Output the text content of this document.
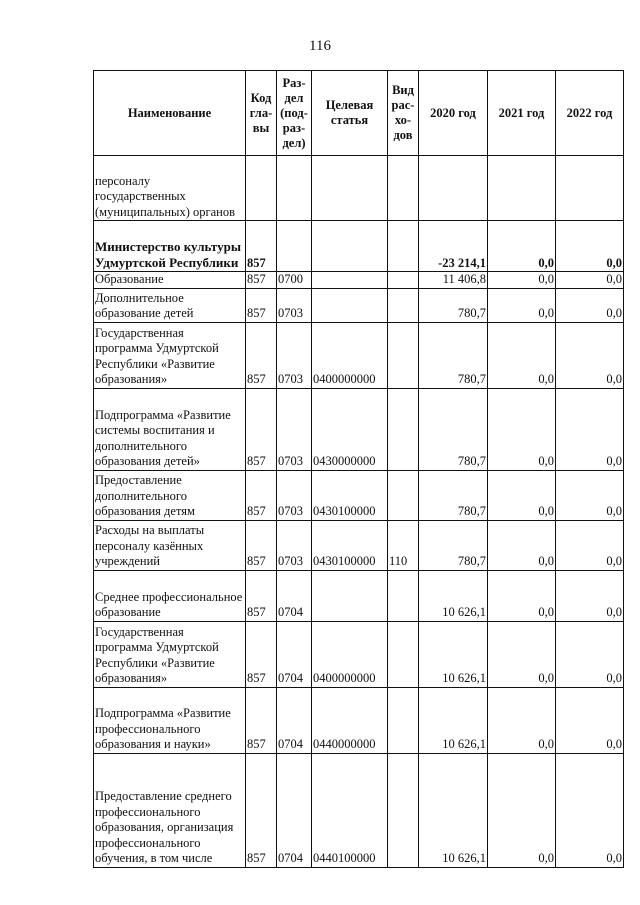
116
Наименование	Код гла-вы	Раз-дел (под-раз-дел)	Целевая статья	Вид рас-хо-дов	2020 год	2021 год	2022 год
персоналу государственных (муниципальных) органов							
Министерство культуры Удмуртской Республики	857				-23 214,1	0,0	0,0
Образование	857	0700			11 406,8	0,0	0,0
Дополнительное образование детей	857	0703			780,7	0,0	0,0
Государственная программа Удмуртской Республики «Развитие образования»	857	0703	0400000000		780,7	0,0	0,0
Подпрограмма «Развитие системы воспитания и дополнительного образования детей»	857	0703	0430000000		780,7	0,0	0,0
Предоставление дополнительного образования детям	857	0703	0430100000		780,7	0,0	0,0
Расходы на выплаты персоналу казённых учреждений	857	0703	0430100000	110	780,7	0,0	0,0
Среднее профессиональное образование	857	0704			10 626,1	0,0	0,0
Государственная программа Удмуртской Республики «Развитие образования»	857	0704	0400000000		10 626,1	0,0	0,0
Подпрограмма «Развитие профессионального образования и науки»	857	0704	0440000000		10 626,1	0,0	0,0
Предоставление среднего профессионального образования, организация профессионального обучения, в том числе	857	0704	0440100000		10 626,1	0,0	0,0
